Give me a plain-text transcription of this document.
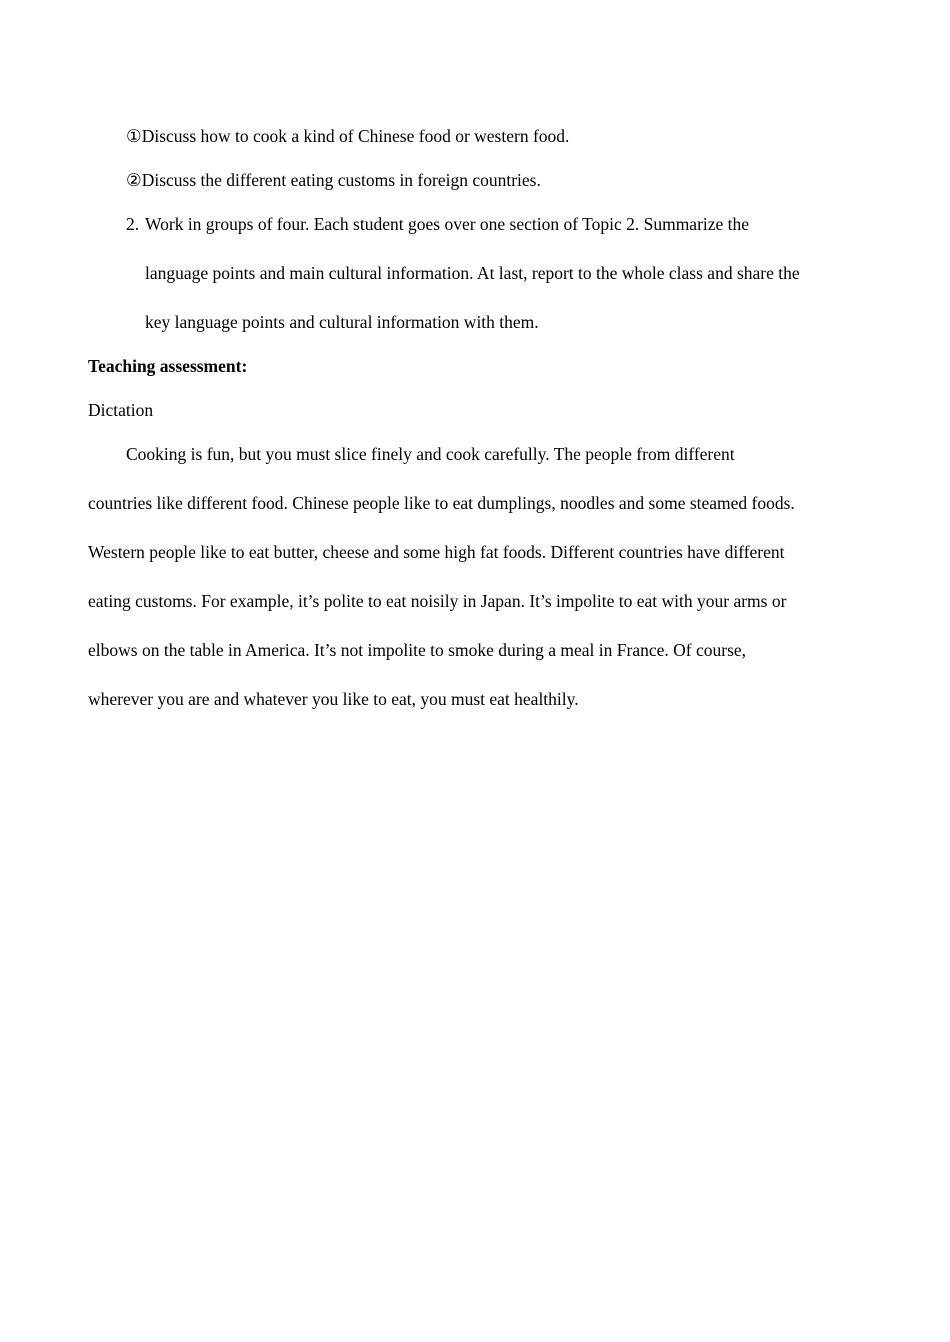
①Discuss how to cook a kind of Chinese food or western food.
②Discuss the different eating customs in foreign countries.
2. Work in groups of four. Each student goes over one section of Topic 2. Summarize the
language points and main cultural information. At last, report to the whole class and share the
key language points and cultural information with them.
Teaching assessment:
Dictation
Cooking is fun, but you must slice finely and cook carefully. The people from different
countries like different food. Chinese people like to eat dumplings, noodles and some steamed foods.
Western people like to eat butter, cheese and some high fat foods. Different countries have different
eating customs. For example, it’s polite to eat noisily in Japan. It’s impolite to eat with your arms or
elbows on the table in America. It’s not impolite to smoke during a meal in France. Of course,
wherever you are and whatever you like to eat, you must eat healthily.
